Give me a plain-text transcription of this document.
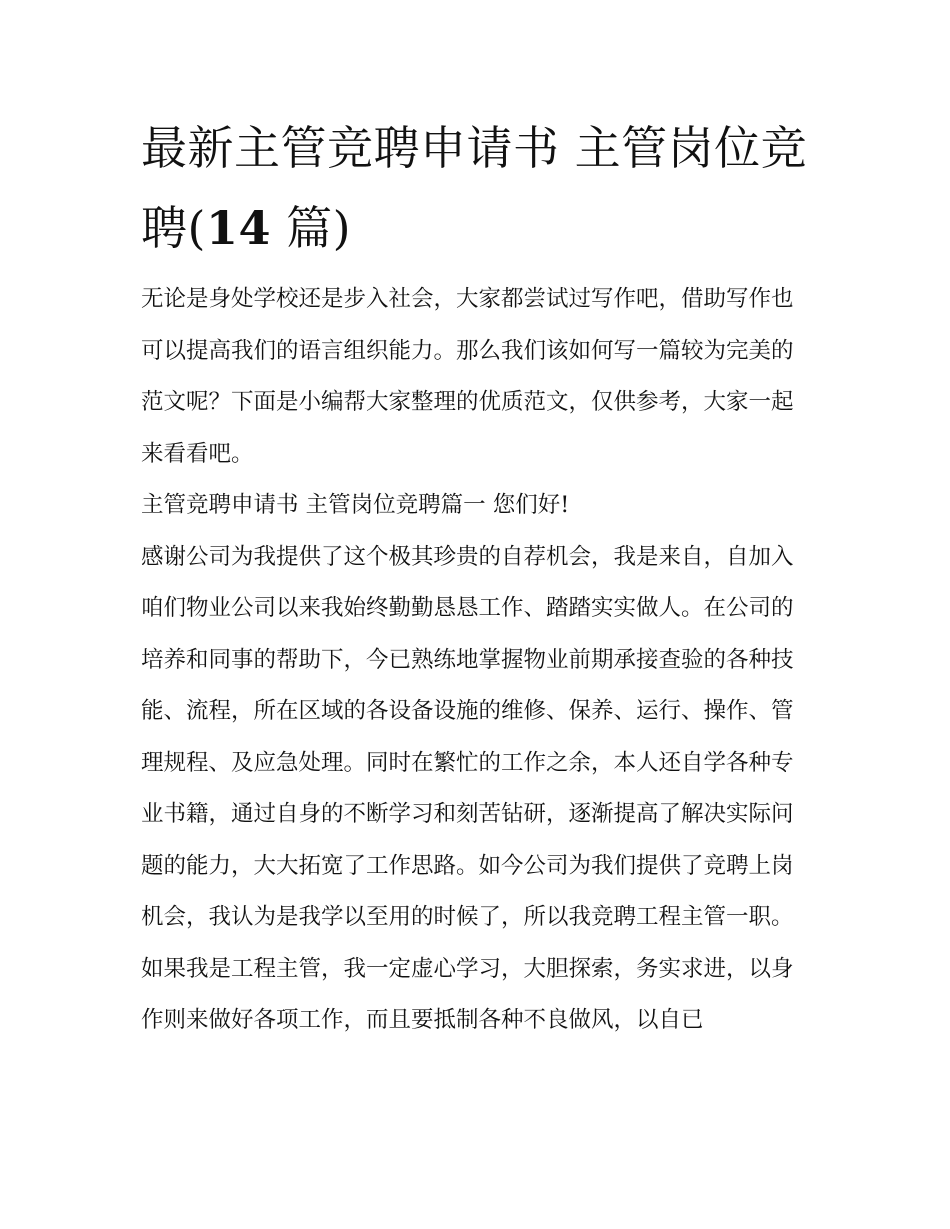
最新主管竞聘申请书 主管岗位竞聘(14 篇)

无论是身处学校还是步入社会，大家都尝试过写作吧，借助写作也可以提高我们的语言组织能力。那么我们该如何写一篇较为完美的范文呢？下面是小编帮大家整理的优质范文，仅供参考，大家一起来看看吧。

主管竞聘申请书 主管岗位竞聘篇一 您们好!

感谢公司为我提供了这个极其珍贵的自荐机会，我是来自，自加入咱们物业公司以来我始终勤勤恳恳工作、踏踏实实做人。在公司的培养和同事的帮助下，今已熟练地掌握物业前期承接查验的各种技能、流程，所在区域的各设备设施的维修、保养、运行、操作、管理规程、及应急处理。同时在繁忙的工作之余，本人还自学各种专业书籍，通过自身的不断学习和刻苦钻研，逐渐提高了解决实际问题的能力，大大拓宽了工作思路。如今公司为我们提供了竞聘上岗机会，我认为是我学以至用的时候了，所以我竞聘工程主管一职。

如果我是工程主管，我一定虚心学习，大胆探索，务实求进，以身作则来做好各项工作，而且要抵制各种不良做风，以自已
